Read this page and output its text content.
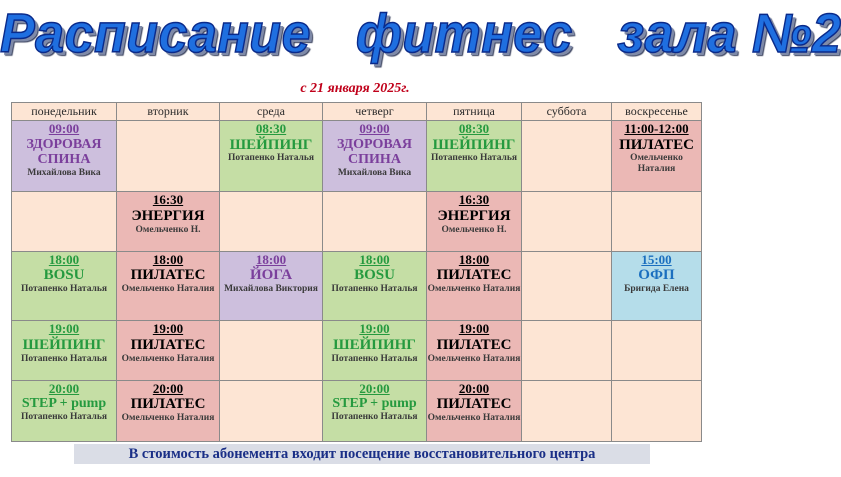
Расписание   фитнес   зала №2
с 21 января 2025г.
понедельник	вторник	среда	четверг	пятница	суббота	воскресенье

09:00
ЗДОРОВАЯ СПИНА
Михайлова Вика		08:30
ШЕЙПИНГ
Потапенко Наталья	09:00
ЗДОРОВАЯ СПИНА
Михайлова Вика	08:30
ШЕЙПИНГ
Потапенко Наталья		11:00-12:00
ПИЛАТЕС
Омельченко Наталия

	16:30
ЭНЕРГИЯ
Омельченко Н.			16:30
ЭНЕРГИЯ
Омельченко Н.		

18:00
BOSU
Потапенко Наталья	18:00
ПИЛАТЕС
Омельченко Наталия	18:00
ЙОГА
Михайлова Виктория	18:00
BOSU
Потапенко Наталья	18:00
ПИЛАТЕС
Омельченко Наталия		15:00
ОФП
Бригида Елена

19:00
ШЕЙПИНГ
Потапенко Наталья	19:00
ПИЛАТЕС
Омельченко Наталия		19:00
ШЕЙПИНГ
Потапенко Наталья	19:00
ПИЛАТЕС
Омельченко Наталия		

20:00
STEP + pump
Потапенко Наталья	20:00
ПИЛАТЕС
Омельченко Наталия		20:00
STEP + pump
Потапенко Наталья	20:00
ПИЛАТЕС
Омельченко Наталия		

В стоимость абонемента входит посещение восстановительного центра
